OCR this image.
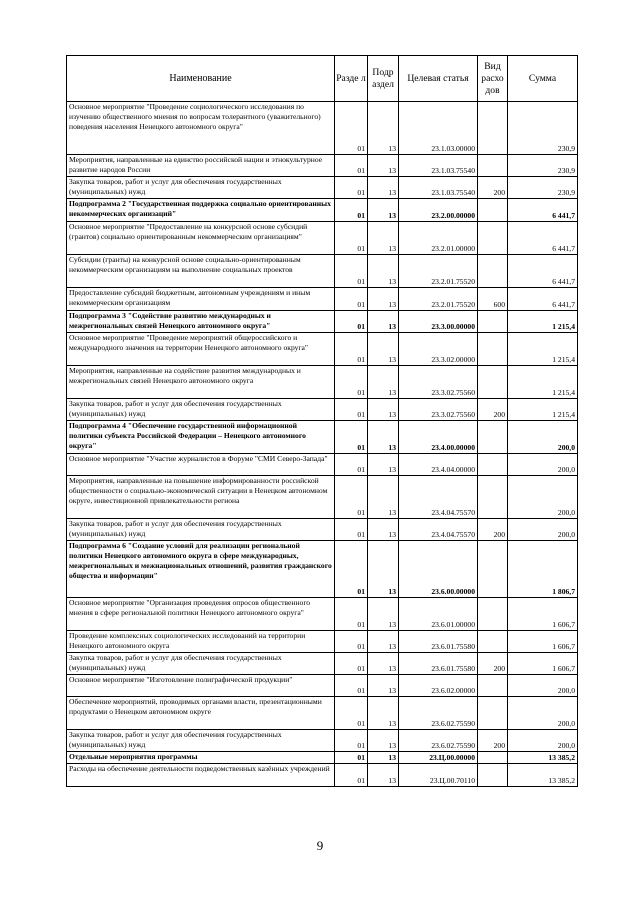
Наименование	Разде л	Подр аздел	Целевая статья	Вид расхо дов	Сумма
Основное мероприятие "Проведение социологического исследования по изучению общественного мнения по вопросам толерантного (уважительного) поведения населения Ненецкого автономного округа"	01	13	23.1.03.00000		230,9
Мероприятия, направленные на единство российской нации и этнокультурное развитие народов России	01	13	23.1.03.75540		230,9
Закупка товаров, работ и услуг для обеспечения государственных (муниципальных) нужд	01	13	23.1.03.75540	200	230,9
Подпрограмма 2 "Государственная поддержка социально ориентированных некоммерческих организаций"	01	13	23.2.00.00000		6 441,7
Основное мероприятие "Предоставление на конкурсной основе субсидий (грантов) социально ориентированным некоммерческим организациям"	01	13	23.2.01.00000		6 441,7
Субсидии (гранты) на конкурсной основе социально-ориентированным некоммерческим организациям на выполнение социальных проектов	01	13	23.2.01.75520		6 441,7
Предоставление субсидий бюджетным, автономным учреждениям и иным некоммерческим организациям	01	13	23.2.01.75520	600	6 441,7
Подпрограмма 3 "Содействие развитию международных и межрегиональных связей Ненецкого автономного округа"	01	13	23.3.00.00000		1 215,4
Основное мероприятие "Проведение мероприятий общероссийского и международного значения на территории Ненецкого автономного округа"	01	13	23.3.02.00000		1 215,4
Мероприятия, направленные на содействие развития международных и межрегиональных связей Ненецкого автономного округа	01	13	23.3.02.75560		1 215,4
Закупка товаров, работ и услуг для обеспечения государственных (муниципальных) нужд	01	13	23.3.02.75560	200	1 215,4
Подпрограмма 4 "Обеспечение государственной информационной политики субъекта Российской Федерации – Ненецкого автономного округа"	01	13	23.4.00.00000		200,0
Основное мероприятие "Участие журналистов в Форуме "СМИ Северо-Запада"	01	13	23.4.04.00000		200,0
Мероприятия, направленные на повышение информированности российской общественности о социально-экономической ситуации в Ненецком автономном округе, инвестиционной привлекательности регионa	01	13	23.4.04.75570		200,0
Закупка товаров, работ и услуг для обеспечения государственных (муниципальных) нужд	01	13	23.4.04.75570	200	200,0
Подпрограмма 6 "Создание условий для реализации региональной политики Ненецкого автономного округа в сфере международных, межрегиональных и межнациональных отношений, развития гражданского общества и информации"	01	13	23.6.00.00000		1 806,7
Основное мероприятие "Организация проведения опросов общественного мнения в сфере региональной политики Ненецкого автономного округа"	01	13	23.6.01.00000		1 606,7
Проведение комплексных социологических исследований на территории Ненецкого автономного округа	01	13	23.6.01.75580		1 606,7
Закупка товаров, работ и услуг для обеспечения государственных (муниципальных) нужд	01	13	23.6.01.75580	200	1 606,7
Основное мероприятие "Изготовление полиграфической продукции"	01	13	23.6.02.00000		200,0
Обеспечение мероприятий, проводимых органами власти, презентационными продуктами о Ненецком автономном округе	01	13	23.6.02.75590		200,0
Закупка товаров, работ и услуг для обеспечения государственных (муниципальных) нужд	01	13	23.6.02.75590	200	200,0
Отдельные мероприятия программы	01	13	23.Ц.00.00000		13 385,2
Расходы на обеспечение деятельности подведомственных казённых учреждений	01	13	23.Ц.00.70110		13 385,2
9
